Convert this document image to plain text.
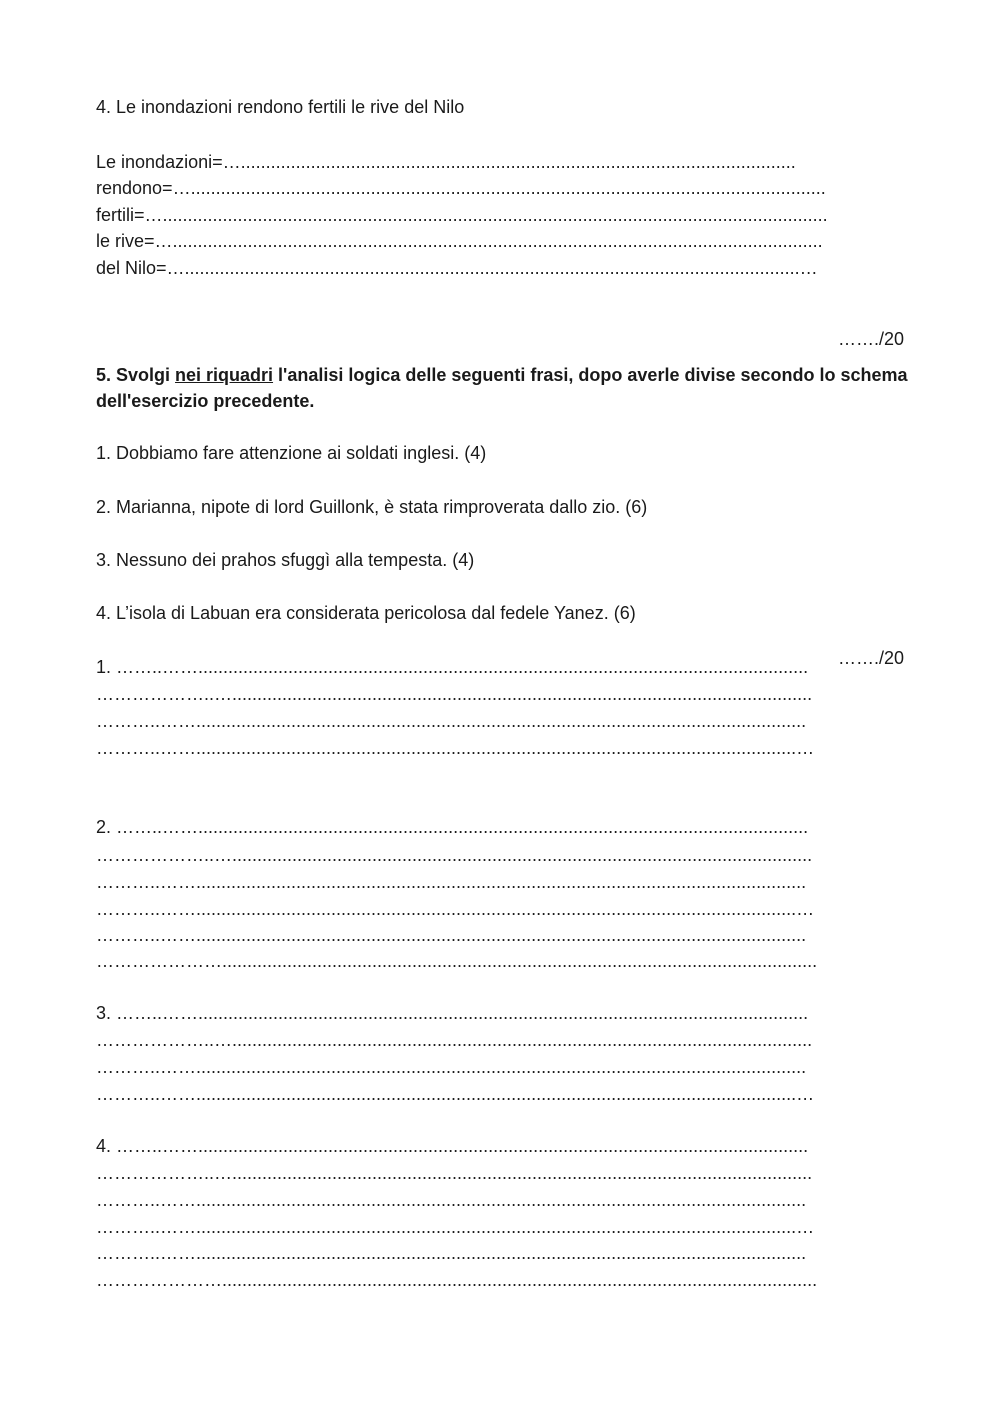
4. Le inondazioni rendono fertili le rive del Nilo

Le inondazioni=…...............................................................................................................

rendono=…...............................................................................................................................

fertili=….....................................................................................................................................

le rive=…..................................................................................................................................

del Nilo=…...........................................................................................................................…

……./20

5. Svolgi nei riquadri l'analisi logica delle seguenti frasi, dopo averle divise secondo lo schema dell'esercizio precedente.

1. Dobbiamo fare attenzione ai soldati inglesi. (4)

2. Marianna, nipote di lord Guillonk, è stata rimproverata dallo zio. (6)

3. Nessuno dei prahos sfuggì alla tempesta. (4)

4. L’isola di Labuan era considerata pericolosa dal fedele Yanez. (6)

……./20

1. ……..……..........................................................................................................................

………………..…....................................................................................................................

………..……..........................................................................................................................

………..……........................................................................................................................…

2. ……..……..........................................................................................................................

………………..…....................................................................................................................

………..……..........................................................................................................................

………..……........................................................................................................................…

………..……..........................................................................................................................

………………….......................................................................................................................

3. ……..……..........................................................................................................................

………………..…....................................................................................................................

………..……..........................................................................................................................

………..……........................................................................................................................…

4. ……..……..........................................................................................................................

………………..…....................................................................................................................

………..……..........................................................................................................................

………..……........................................................................................................................…

………..……..........................................................................................................................

………………….......................................................................................................................
